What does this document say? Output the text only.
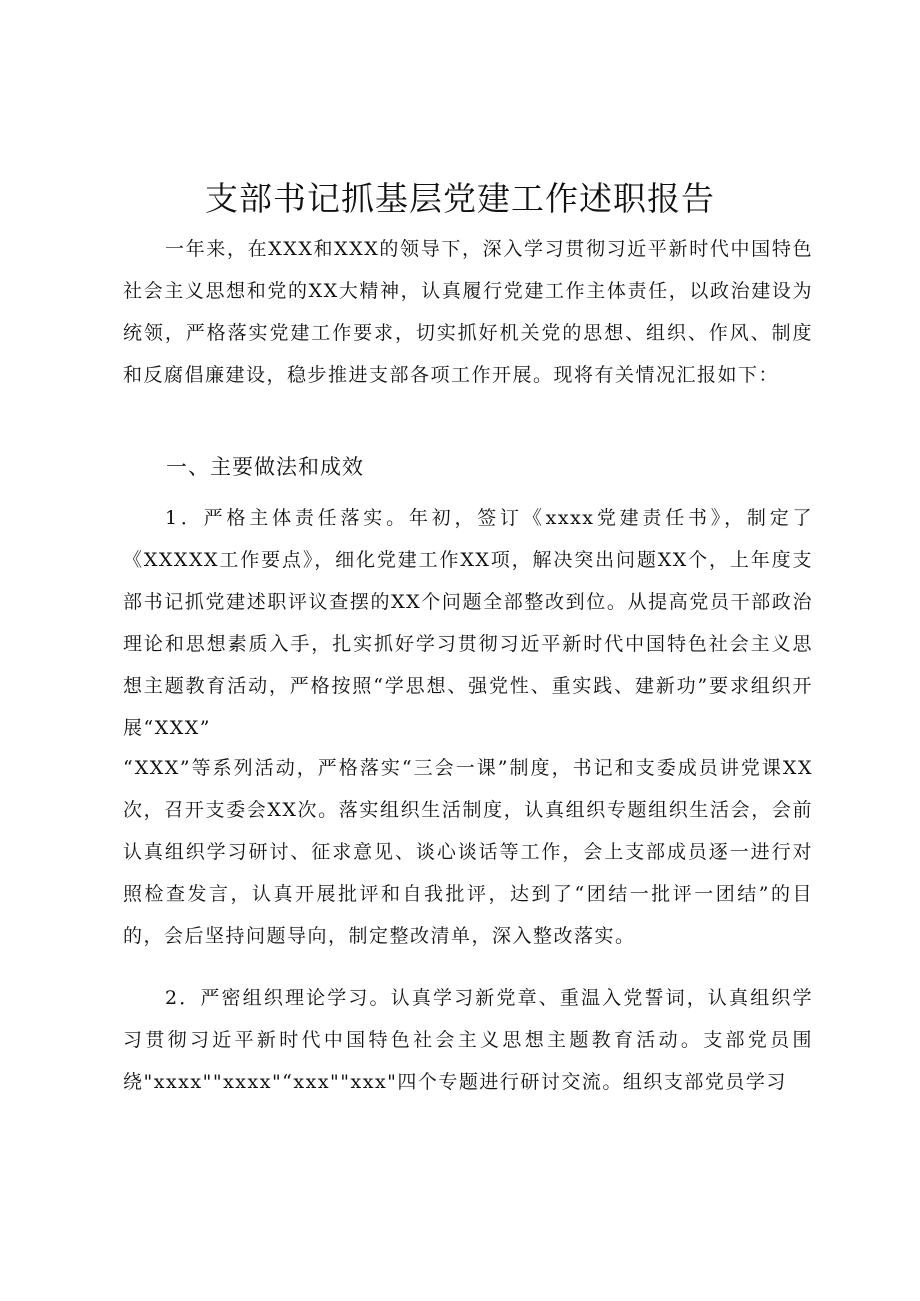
支部书记抓基层党建工作述职报告

一年来，在XXX和XXX的领导下，深入学习贯彻习近平新时代中国特色社会主义思想和党的XX大精神，认真履行党建工作主体责任，以政治建设为统领，严格落实党建工作要求，切实抓好机关党的思想、组织、作风、制度和反腐倡廉建设，稳步推进支部各项工作开展。现将有关情况汇报如下：

一、主要做法和成效

1．严格主体责任落实。年初，签订《xxxx党建责任书》，制定了《XXXXX工作要点》，细化党建工作XX项，解决突出问题XX个，上年度支部书记抓党建述职评议查摆的XX个问题全部整改到位。从提高党员干部政治理论和思想素质入手，扎实抓好学习贯彻习近平新时代中国特色社会主义思想主题教育活动，严格按照“学思想、强党性、重实践、建新功”要求组织开展“XXX”

“XXX”等系列活动，严格落实“三会一课”制度，书记和支委成员讲党课XX次，召开支委会XX次。落实组织生活制度，认真组织专题组织生活会，会前认真组织学习研讨、征求意见、谈心谈话等工作，会上支部成员逐一进行对照检查发言，认真开展批评和自我批评，达到了“团结一批评一团结”的目的，会后坚持问题导向，制定整改清单，深入整改落实。

2．严密组织理论学习。认真学习新党章、重温入党誓词，认真组织学习贯彻习近平新时代中国特色社会主义思想主题教育活动。支部党员围绕"xxxx""xxxx"“xxx""xxx"四个专题进行研讨交流。组织支部党员学习
